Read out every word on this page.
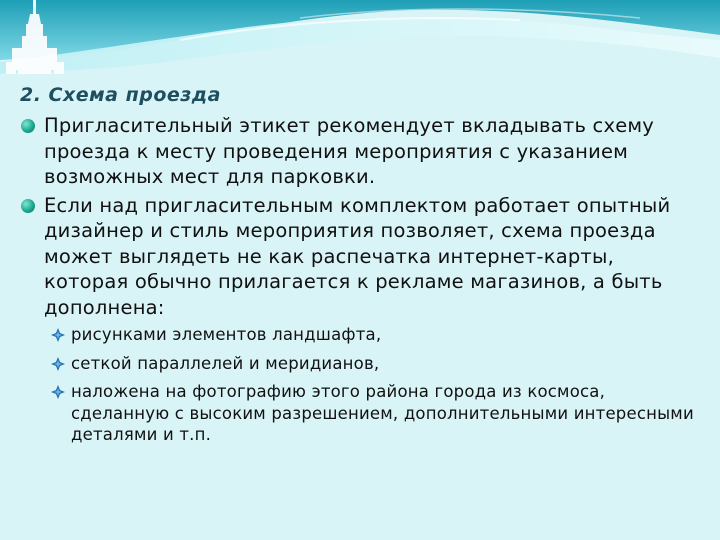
2. Схема проезда
Пригласительный этикет рекомендует вкладывать схему проезда к месту проведения мероприятия с указанием возможных мест для парковки.
Если над пригласительным комплектом работает опытный дизайнер и стиль мероприятия позволяет, схема проезда может выглядеть не как распечатка интернет-карты, которая обычно прилагается к рекламе магазинов, а быть дополнена:
рисунками элементов ландшафта,
сеткой параллелей и меридианов,
наложена на фотографию этого района города из космоса, сделанную с высоким разрешением, дополнительными интересными деталями и т.п.
